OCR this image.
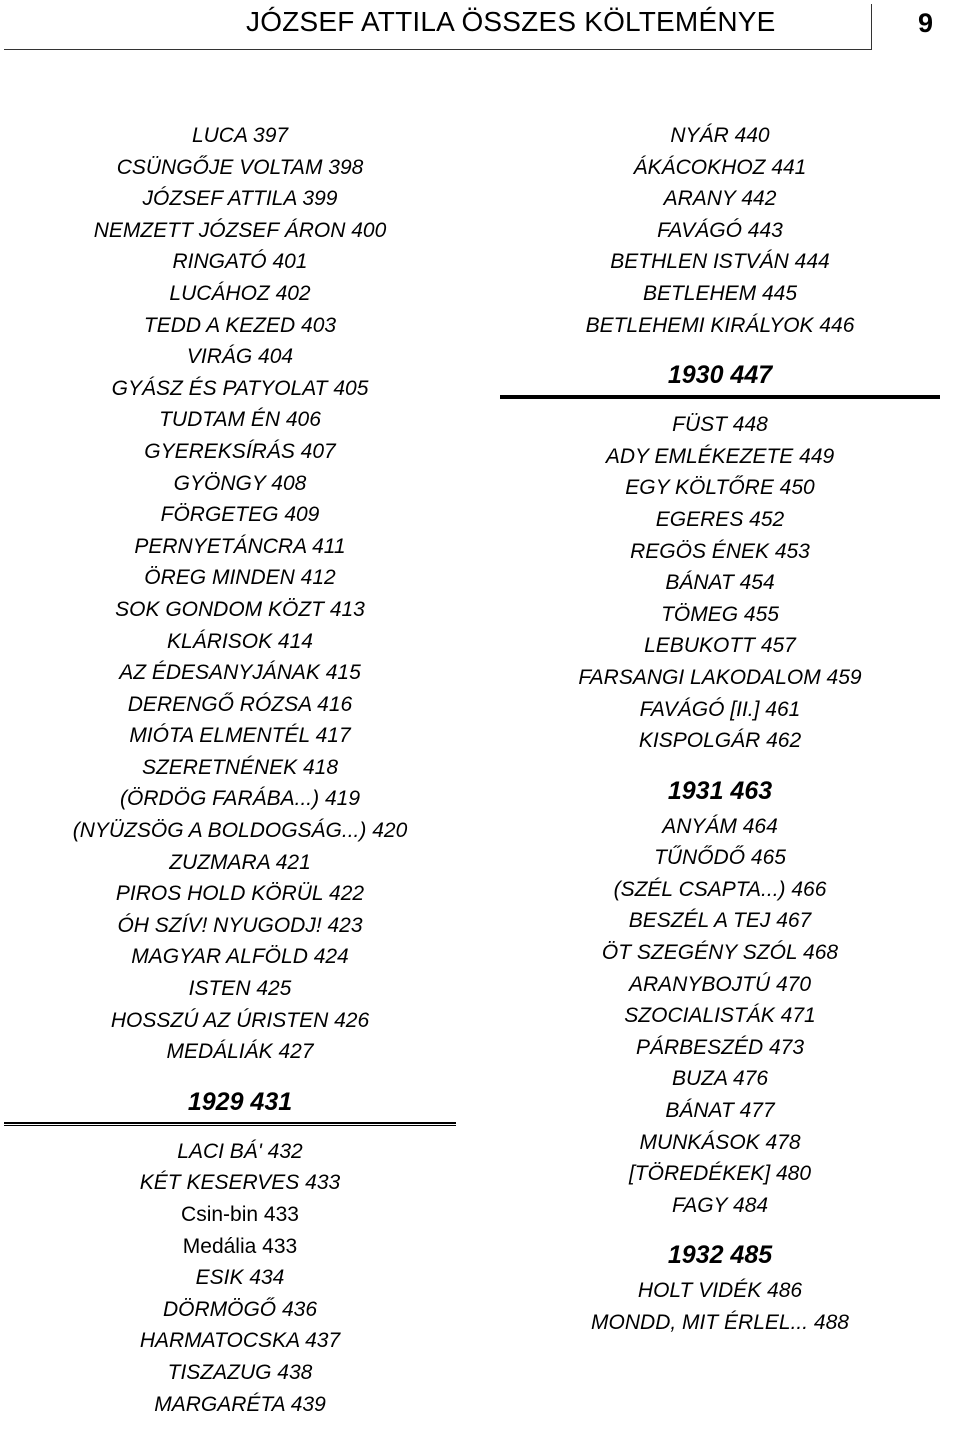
JÓZSEF ATTILA ÖSSZES KÖLTEMÉNYE	9
LUCA 397
CSÜNGŐJE VOLTAM 398
JÓZSEF ATTILA 399
NEMZETT JÓZSEF ÁRON 400
RINGATÓ 401
LUCÁHOZ 402
TEDD A KEZED 403
VIRÁG 404
GYÁSZ ÉS PATYOLAT 405
TUDTAM ÉN 406
GYEREKSÍRÁS 407
GYÖNGY 408
FÖRGETEG 409
PERNYETÁNCRA 411
ÖREG MINDEN 412
SOK GONDOM KÖZT 413
KLÁRISOK 414
AZ ÉDESANYJÁNAK 415
DERENGŐ RÓZSA 416
MIÓTA ELMENTÉL 417
SZERETNÉNEK 418
(ÖRDÖG FARÁBA...) 419
(NYÜZSÖG A BOLDOGSÁG...) 420
ZUZMARA 421
PIROS HOLD KÖRÜL 422
ÓH SZÍV! NYUGODJ! 423
MAGYAR ALFÖLD 424
ISTEN 425
HOSSZÚ AZ ÚRISTEN 426
MEDÁLIÁK 427
1929 431
LACI BÁ' 432
KÉT KESERVES 433
Csin-bin 433
Medália 433
ESIK 434
DÖRMÖGŐ 436
HARMATOCSKA 437
TISZAZUG 438
MARGARÉTA 439
NYÁR 440
ÁKÁCOKHOZ 441
ARANY 442
FAVÁGÓ 443
BETHLEN ISTVÁN 444
BETLEHEM 445
BETLEHEMI KIRÁLYOK 446
1930 447
FÜST 448
ADY EMLÉKEZETE 449
EGY KÖLTŐRE 450
EGERES 452
REGÖS ÉNEK 453
BÁNAT 454
TÖMEG 455
LEBUKOTT 457
FARSANGI LAKODALOM 459
FAVÁGÓ [II.] 461
KISPOLGÁR 462
1931 463
ANYÁM 464
TŰNŐDŐ 465
(SZÉL CSAPTA...) 466
BESZÉL A TEJ 467
ÖT SZEGÉNY SZÓL 468
ARANYBOJTÚ 470
SZOCIALISTÁK 471
PÁRBESZÉD 473
BUZA 476
BÁNAT 477
MUNKÁSOK 478
[TÖREDÉKEK] 480
FAGY 484
1932 485
HOLT VIDÉK 486
MONDD, MIT ÉRLEL... 488
